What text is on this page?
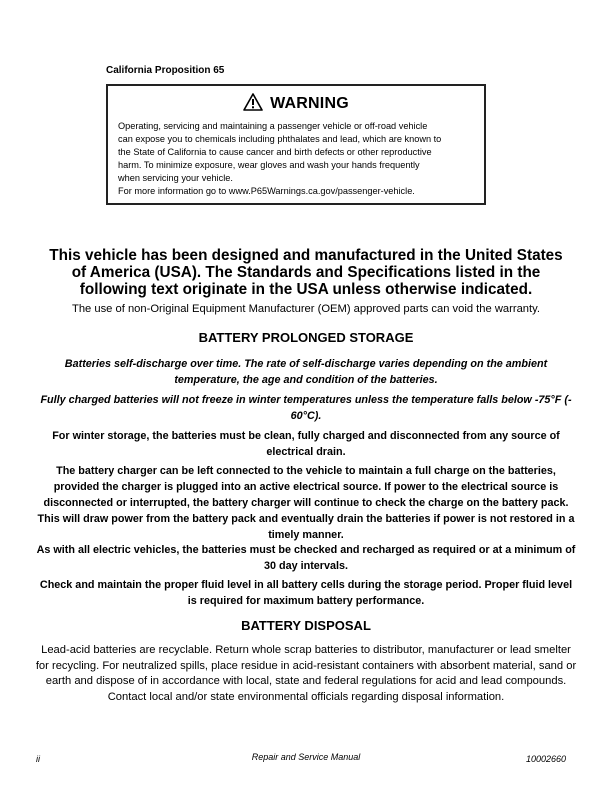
California Proposition 65
WARNING

Operating, servicing and maintaining a passenger vehicle or off-road vehicle

can expose you to chemicals including phthalates and lead, which are known to

the State of California to cause cancer and birth defects or other reproductive

harm. To minimize exposure, wear gloves and wash your hands frequently

when servicing your vehicle.

For more information go to www.P65Warnings.ca.gov/passenger-vehicle.

This vehicle has been designed and manufactured in the United States of America (USA). The Standards and Specifications listed in the following text originate in the USA unless otherwise indicated.
The use of non-Original Equipment Manufacturer (OEM) approved parts can void the warranty.
BATTERY PROLONGED STORAGE
Batteries self-discharge over time. The rate of self-discharge varies depending on the ambient temperature, the age and condition of the batteries.
Fully charged batteries will not freeze in winter temperatures unless the temperature falls below -75°F (- 60°C).
For winter storage, the batteries must be clean, fully charged and disconnected from any source of electrical drain.
The battery charger can be left connected to the vehicle to maintain a full charge on the batteries, provided the charger is plugged into an active electrical source. If power to the electrical source is disconnected or interrupted, the battery charger will continue to check the charge on the battery pack. This will draw power from the battery pack and eventually drain the batteries if power is not restored in a timely manner.
As with all electric vehicles, the batteries must be checked and recharged as required or at a minimum of 30 day intervals.
Check and maintain the proper fluid level in all battery cells during the storage period. Proper fluid level is required for maximum battery performance.
BATTERY DISPOSAL
Lead-acid batteries are recyclable. Return whole scrap batteries to distributor, manufacturer or lead smelter for recycling. For neutralized spills, place residue in acid-resistant containers with absorbent material, sand or earth and dispose of in accordance with local, state and federal regulations for acid and lead compounds. Contact local and/or state environmental officials regarding disposal information.
ii	Repair and Service Manual	10002660
